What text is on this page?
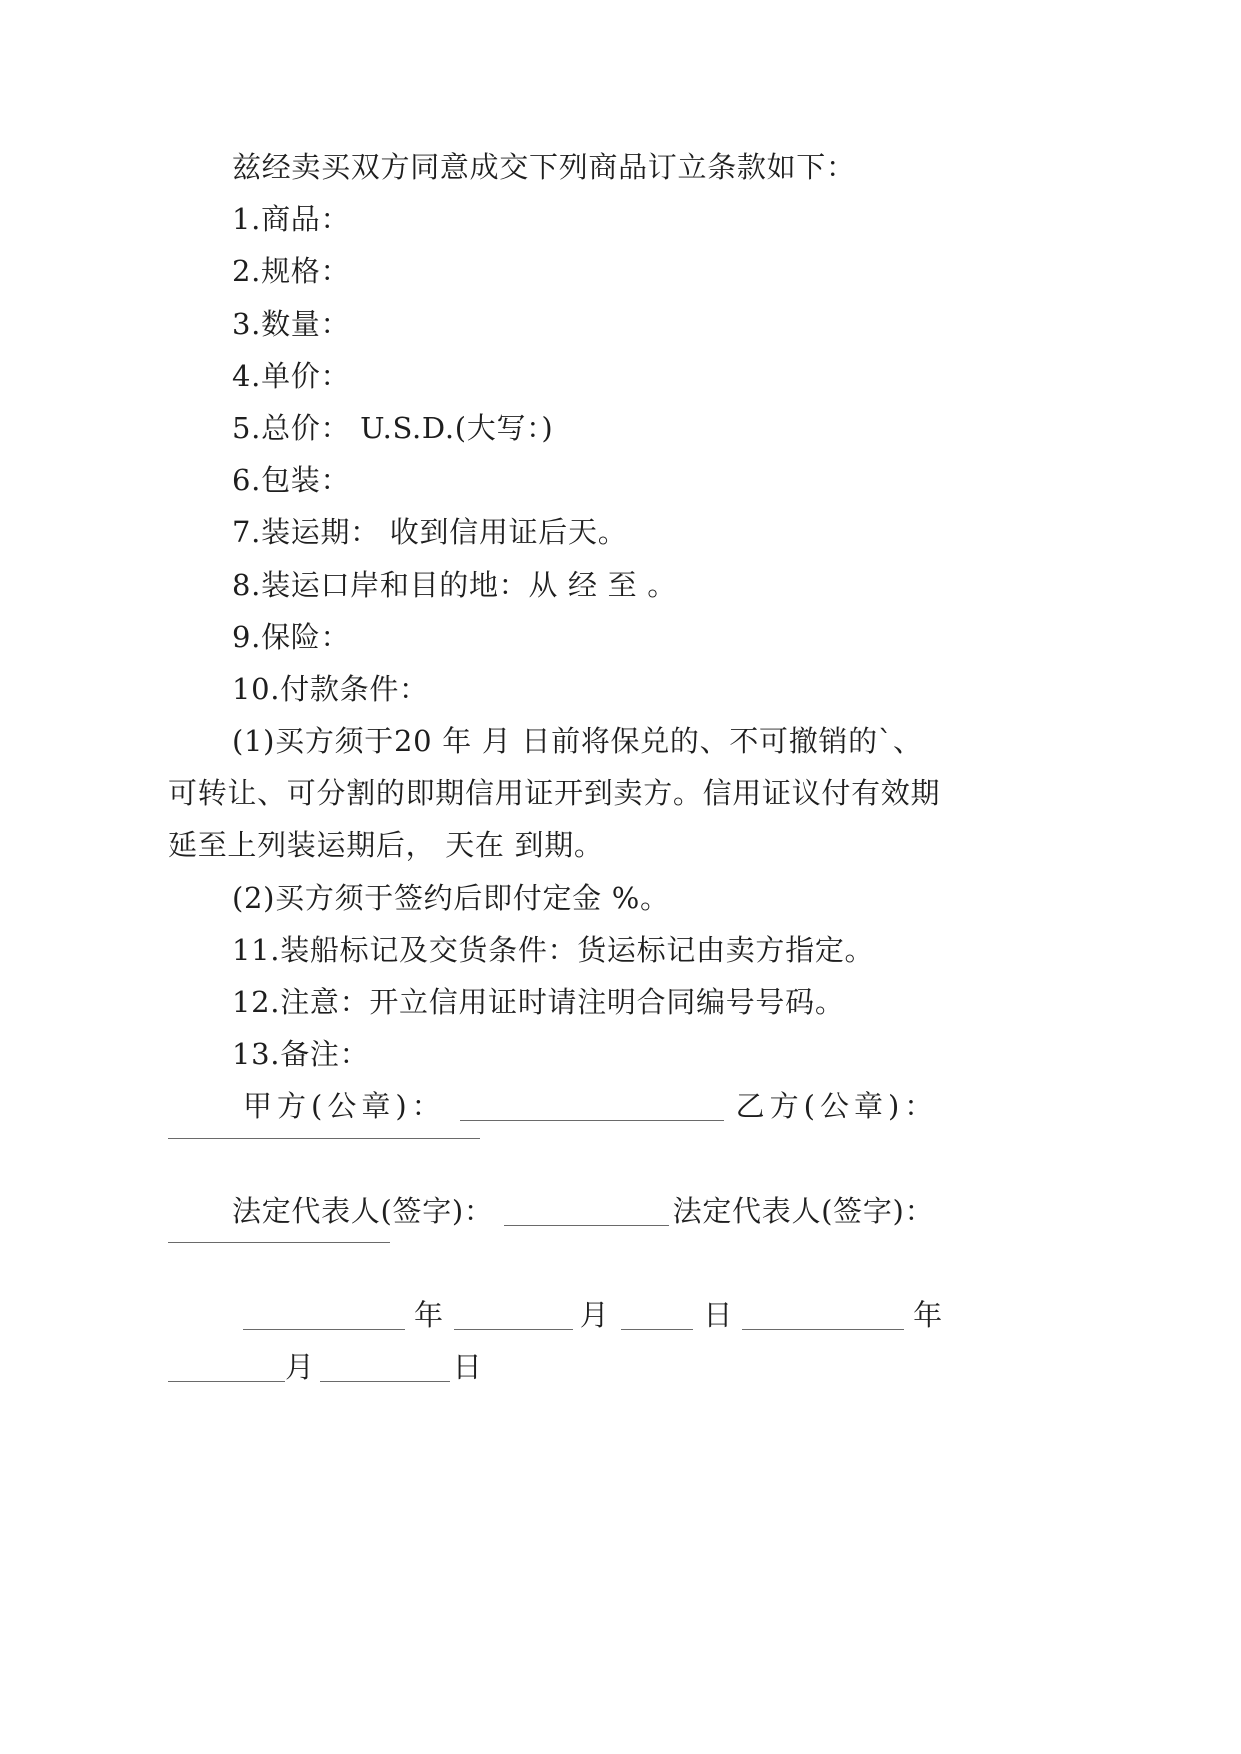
兹经卖买双方同意成交下列商品订立条款如下：
1.商品：
2.规格：
3.数量：
4.单价：
5.总价： U.S.D.(大写：)
6.包装：
7.装运期： 收到信用证后天。
8.装运口岸和目的地：从 经 至 。
9.保险：
10.付款条件：
(1)买方须于20 年 月 日前将保兑的、不可撤销的`、
可转让、可分割的即期信用证开到卖方。信用证议付有效期
延至上列装运期后， 天在 到期。
(2)买方须于签约后即付定金 %。
11.装船标记及交货条件：货运标记由卖方指定。
12.注意：开立信用证时请注明合同编号号码。
13.备注：
甲方(公章)：	乙方(公章)：
法定代表人(签字)：	法定代表人(签字)：
年	月	日	年
月	日
